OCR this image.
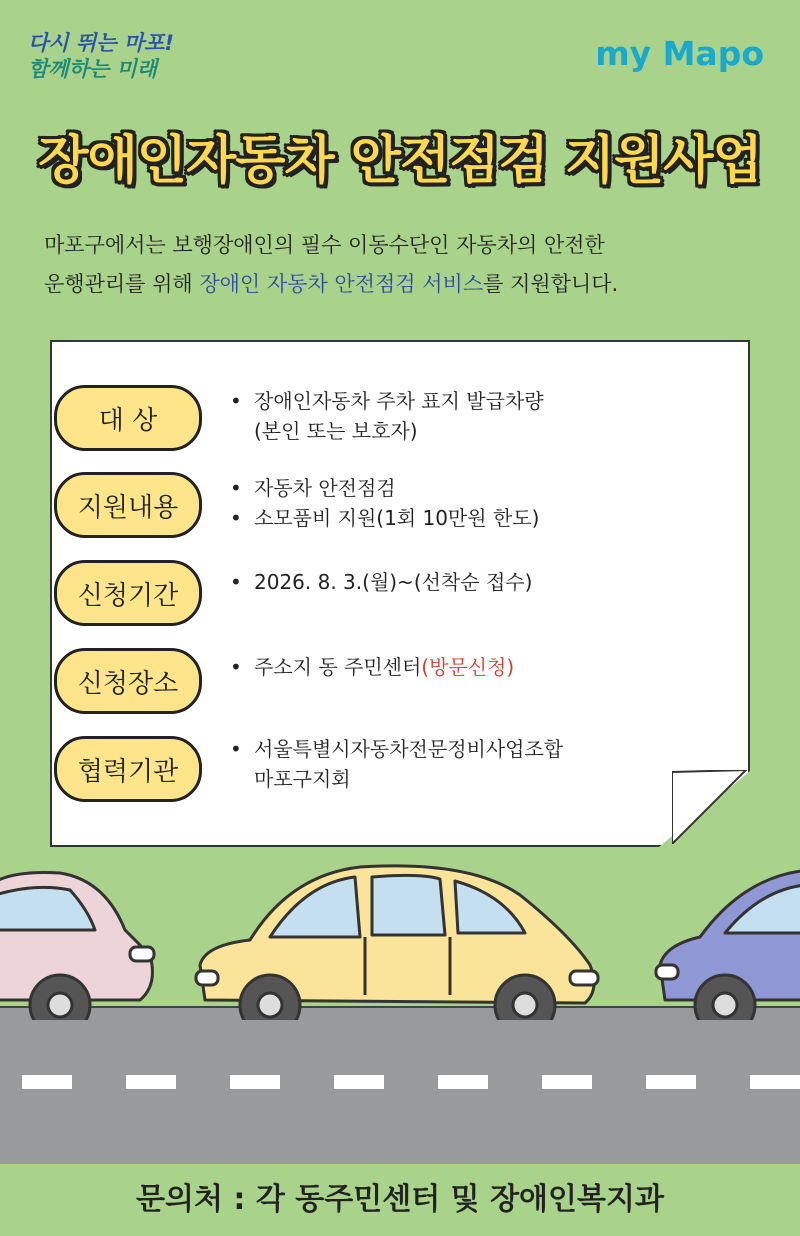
다시 뛰는 마포!
함께하는 미래	my Mapo
장애인자동차 안전점검 지원사업
마포구에서는 보행장애인의 필수 이동수단인 자동차의 안전한
운행관리를 위해 장애인 자동차 안전점검 서비스를 지원합니다.
대 상
• 장애인자동차 주차 표지 발급차량
(본인 또는 보호자)
지원내용
• 자동차 안전점검
• 소모품비 지원(1회 10만원 한도)
신청기간
•	2026. 8. 3.(월)~(선착순 접수)
신청장소
• 주소지 동 주민센터(방문신청)
협력기관
• 서울특별시자동차전문정비사업조합
마포구지회
문의처 : 각 동주민센터 및 장애인복지과
